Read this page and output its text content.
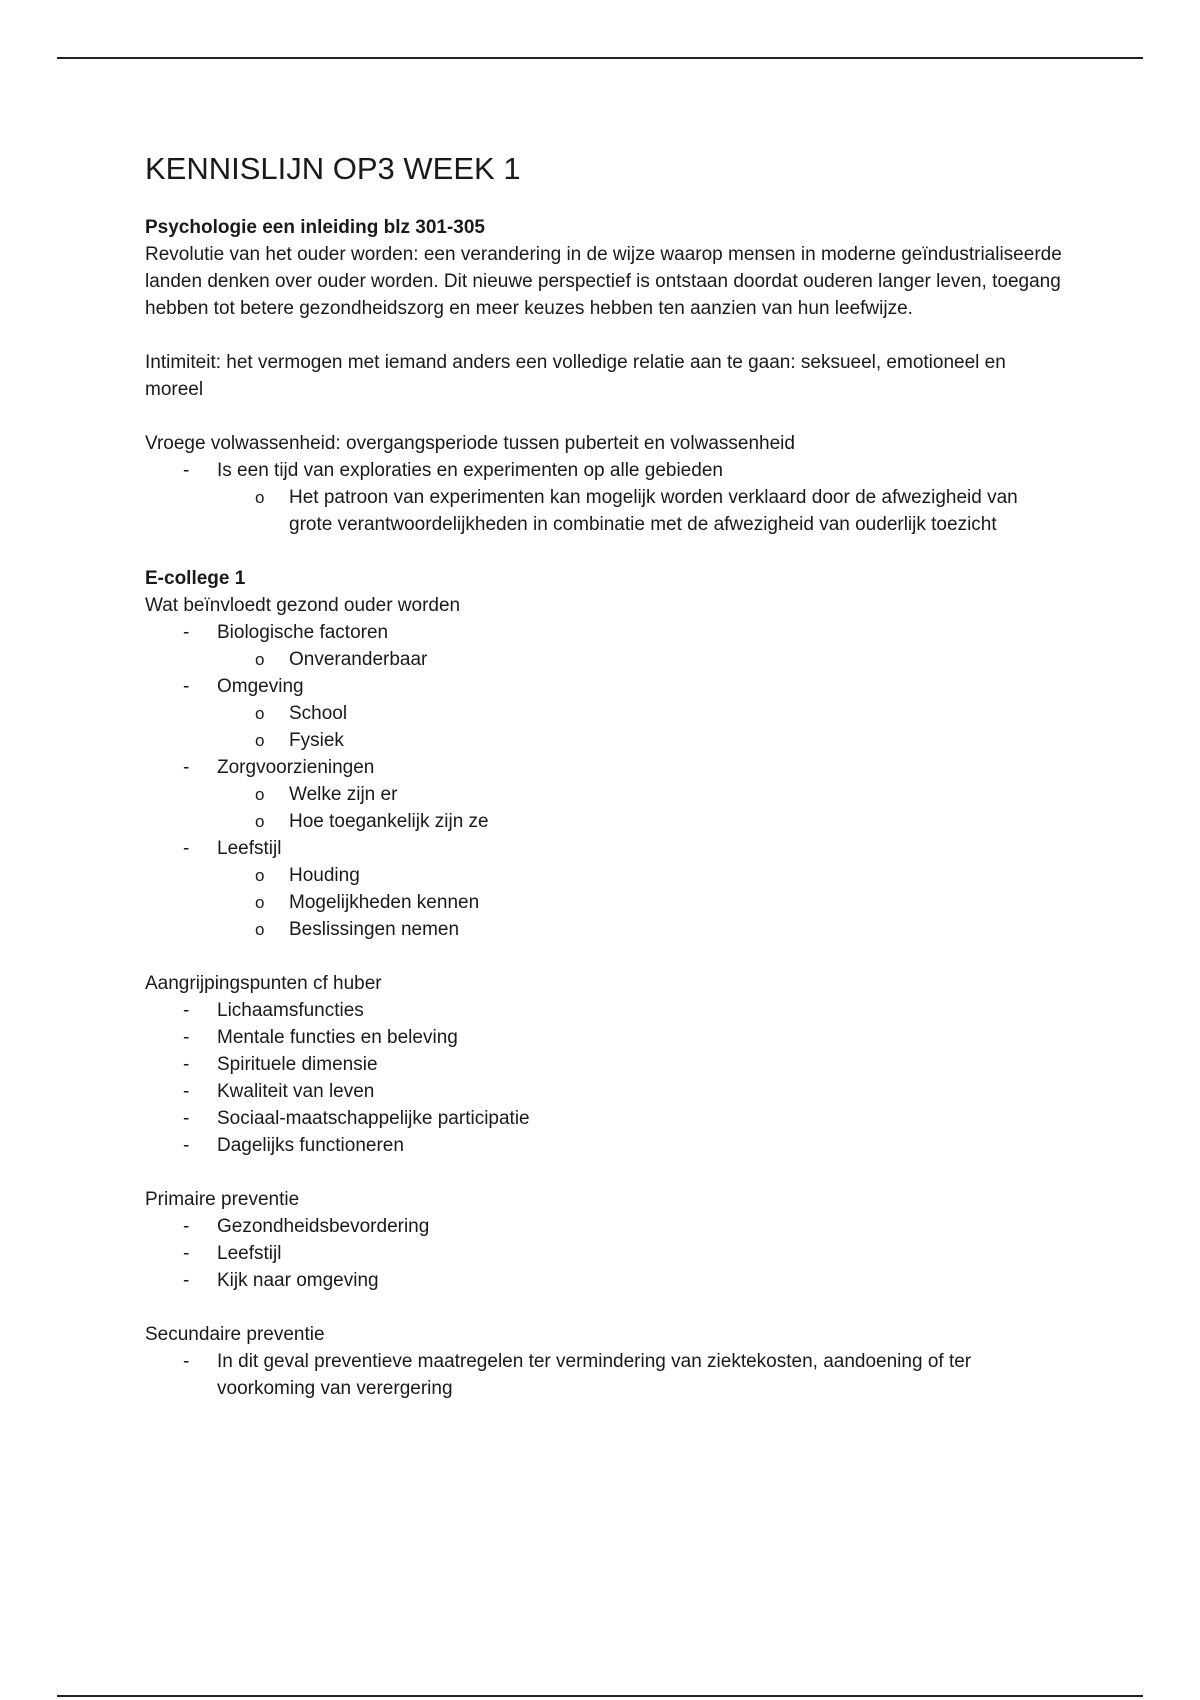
KENNISLIJN OP3 WEEK 1

Psychologie een inleiding blz 301-305

Revolutie van het ouder worden: een verandering in de wijze waarop mensen in moderne geïndustrialiseerde landen denken over ouder worden. Dit nieuwe perspectief is ontstaan doordat ouderen langer leven, toegang hebben tot betere gezondheidszorg en meer keuzes hebben ten aanzien van hun leefwijze.

Intimiteit: het vermogen met iemand anders een volledige relatie aan te gaan: seksueel, emotioneel en moreel

Vroege volwassenheid: overgangsperiode tussen puberteit en volwassenheid

- Is een tijd van exploraties en experimenten op alle gebieden
o Het patroon van experimenten kan mogelijk worden verklaard door de afwezigheid van grote verantwoordelijkheden in combinatie met de afwezigheid van ouderlijk toezicht

E-college 1

Wat beïnvloedt gezond ouder worden

- Biologische factoren
o Onveranderbaar
- Omgeving
o School
o Fysiek
- Zorgvoorzieningen
o Welke zijn er
o Hoe toegankelijk zijn ze
- Leefstijl
o Houding
o Mogelijkheden kennen
o Beslissingen nemen

Aangrijpingspunten cf huber

- Lichaamsfuncties
- Mentale functies en beleving
- Spirituele dimensie
- Kwaliteit van leven
- Sociaal-maatschappelijke participatie
- Dagelijks functioneren

Primaire preventie

- Gezondheidsbevordering
- Leefstijl
- Kijk naar omgeving

Secundaire preventie

- In dit geval preventieve maatregelen ter vermindering van ziektekosten, aandoening of ter voorkoming van verergering
